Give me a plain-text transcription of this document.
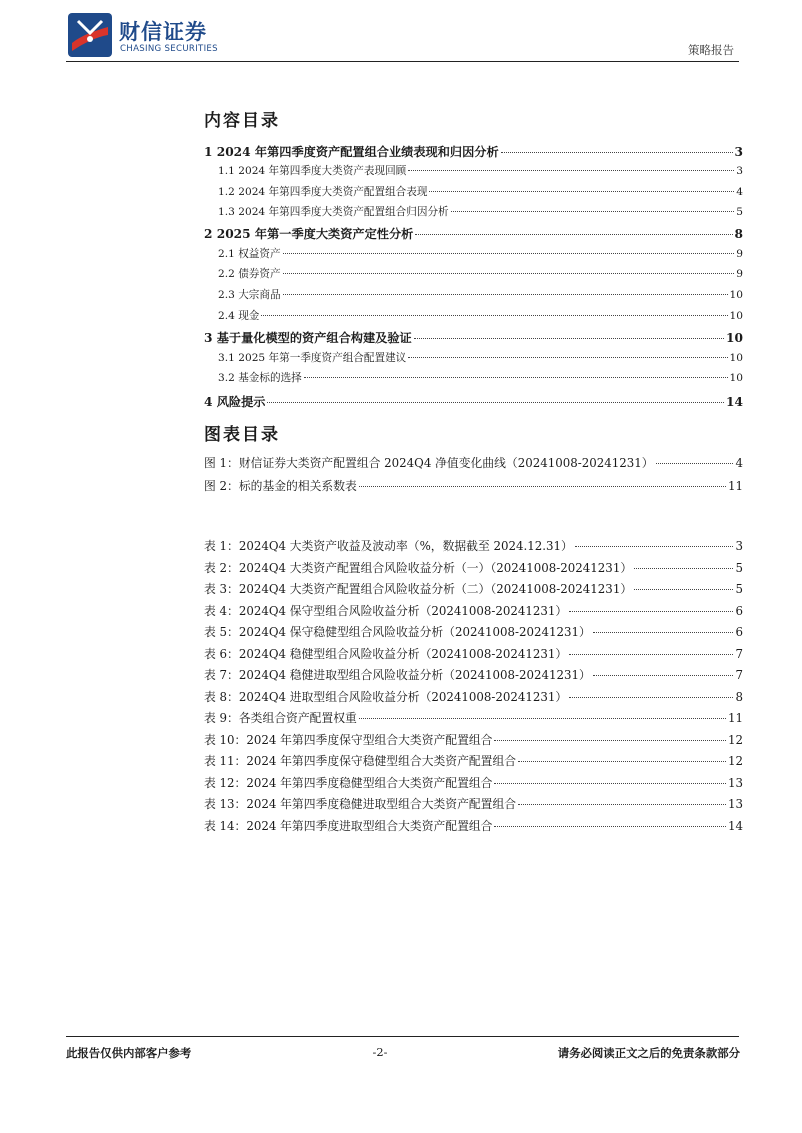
财信证券
CHASING SECURITIES	策略报告
内容目录
1 2024 年第四季度资产配置组合业绩表现和归因分析	3
1.1 2024 年第四季度大类资产表现回顾	3
1.2 2024 年第四季度大类资产配置组合表现	4
1.3 2024 年第四季度大类资产配置组合归因分析	5
2 2025 年第一季度大类资产定性分析	8
2.1 权益资产	9
2.2 债券资产	9
2.3 大宗商品	10
2.4 现金	10
3 基于量化模型的资产组合构建及验证	10
3.1 2025 年第一季度资产组合配置建议	10
3.2 基金标的选择	10
4 风险提示	14
图表目录
图 1：财信证券大类资产配置组合 2024Q4 净值变化曲线（20241008-20241231）	4
图 2：标的基金的相关系数表	11
表 1：2024Q4 大类资产收益及波动率（%，数据截至 2024.12.31）	3
表 2：2024Q4 大类资产配置组合风险收益分析（一）（20241008-20241231）	5
表 3：2024Q4 大类资产配置组合风险收益分析（二）（20241008-20241231）	5
表 4：2024Q4 保守型组合风险收益分析（20241008-20241231）	6
表 5：2024Q4 保守稳健型组合风险收益分析（20241008-20241231）	6
表 6：2024Q4 稳健型组合风险收益分析（20241008-20241231）	7
表 7：2024Q4 稳健进取型组合风险收益分析（20241008-20241231）	7
表 8：2024Q4 进取型组合风险收益分析（20241008-20241231）	8
表 9：各类组合资产配置权重	11
表 10：2024 年第四季度保守型组合大类资产配置组合	12
表 11：2024 年第四季度保守稳健型组合大类资产配置组合	12
表 12：2024 年第四季度稳健型组合大类资产配置组合	13
表 13：2024 年第四季度稳健进取型组合大类资产配置组合	13
表 14：2024 年第四季度进取型组合大类资产配置组合	14
此报告仅供内部客户参考	-2-	请务必阅读正文之后的免责条款部分
